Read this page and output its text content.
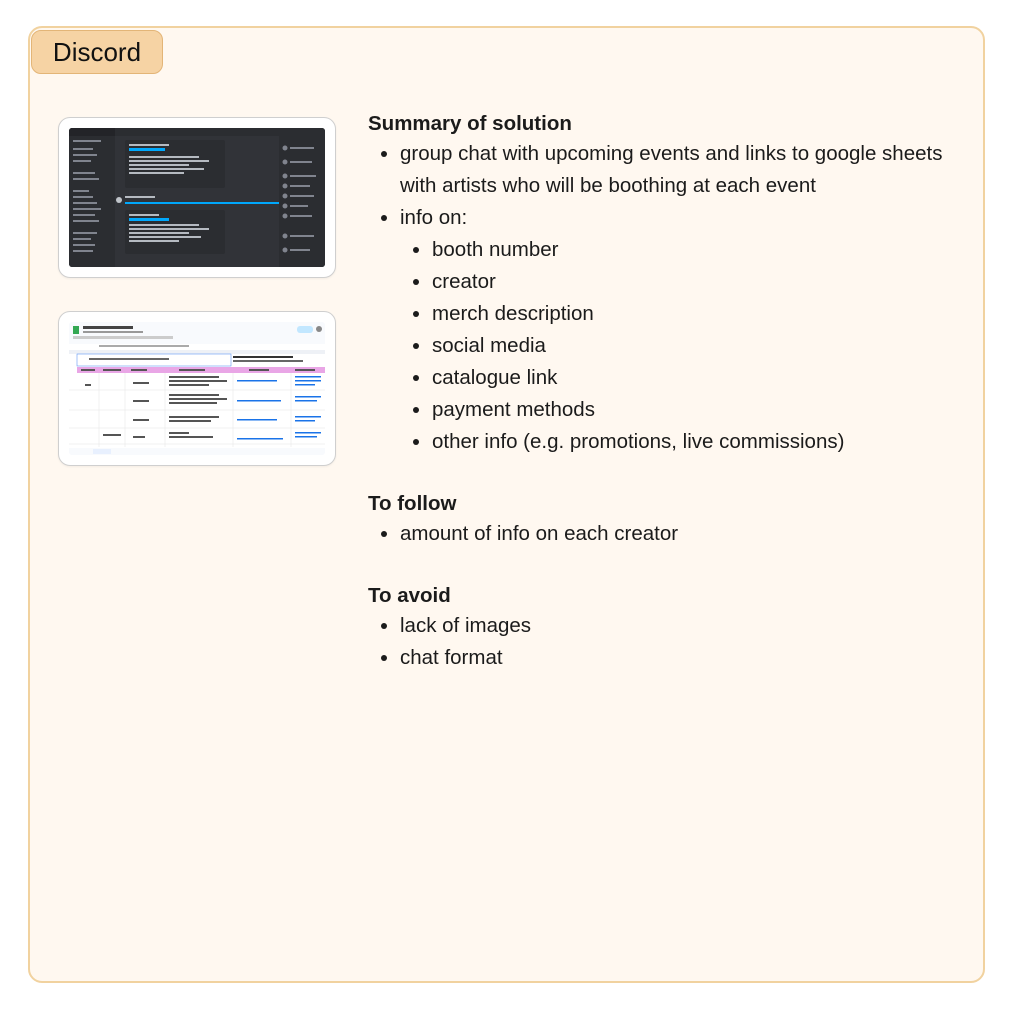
Discord
Summary of solution
• group chat with upcoming events and links to google sheets with artists who will be boothing at each event
• info on:
• booth number
• creator
• merch description
• social media
• catalogue link
• payment methods
• other info (e.g. promotions, live commissions)
To follow
• amount of info on each creator
To avoid
• lack of images
• chat format
